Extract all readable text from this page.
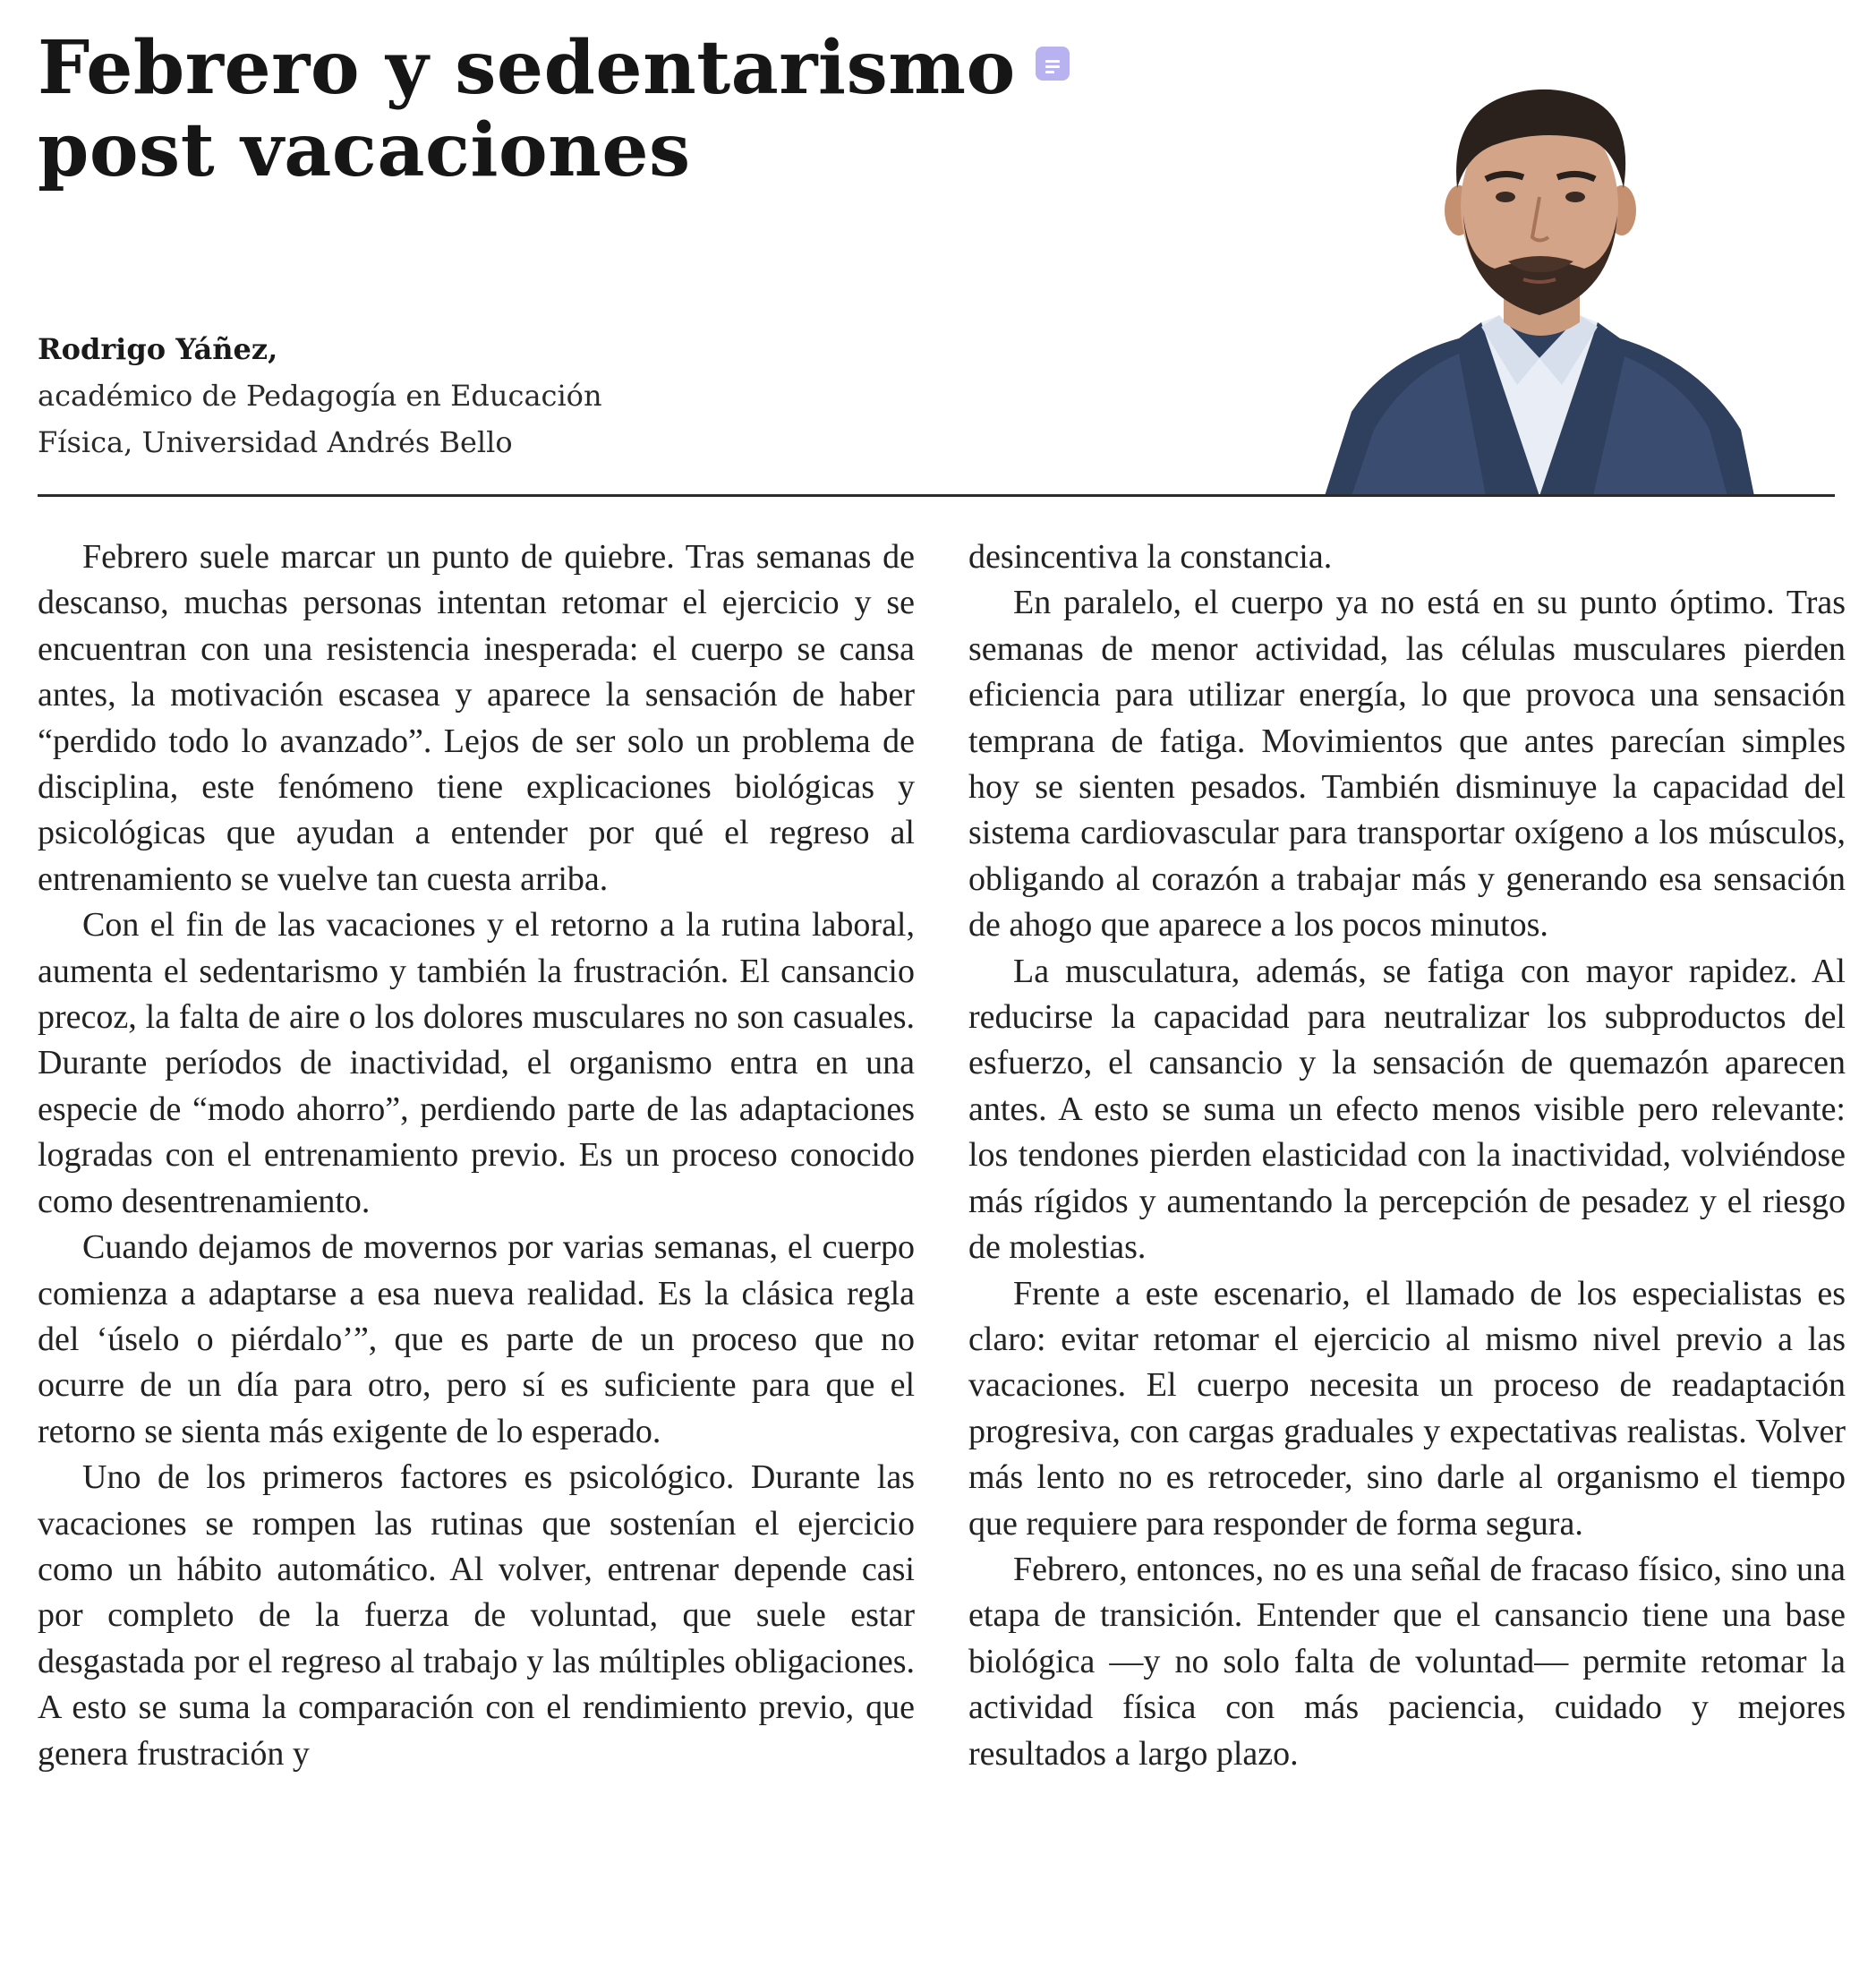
Febrero y sedentarismo
post vacaciones
Rodrigo Yáñez,
académico de Pedagogía en Educación
Física, Universidad Andrés Bello

Febrero suele marcar un punto de quiebre. Tras semanas de descanso, muchas personas intentan retomar el ejercicio y se encuentran con una resistencia inesperada: el cuerpo se cansa antes, la motivación escasea y aparece la sensación de haber “perdido todo lo avanzado”. Lejos de ser solo un problema de disciplina, este fenómeno tiene explicaciones biológicas y psicológicas que ayudan a entender por qué el regreso al entrenamiento se vuelve tan cuesta arriba.

Con el fin de las vacaciones y el retorno a la rutina laboral, aumenta el sedentarismo y también la frustración. El cansancio precoz, la falta de aire o los dolores musculares no son casuales. Durante períodos de inactividad, el organismo entra en una especie de “modo ahorro”, perdiendo parte de las adaptaciones logradas con el entrenamiento previo. Es un proceso conocido como desentrenamiento.

Cuando dejamos de movernos por varias semanas, el cuerpo comienza a adaptarse a esa nueva realidad. Es la clásica regla del ‘úselo o piérdalo’”, que es parte de un proceso que no ocurre de un día para otro, pero sí es suficiente para que el retorno se sienta más exigente de lo esperado.

Uno de los primeros factores es psicológico. Durante las vacaciones se rompen las rutinas que sostenían el ejercicio como un hábito automático. Al volver, entrenar depende casi por completo de la fuerza de voluntad, que suele estar desgastada por el regreso al trabajo y las múltiples obligaciones. A esto se suma la comparación con el rendimiento previo, que genera frustración y

desincentiva la constancia.

En paralelo, el cuerpo ya no está en su punto óptimo. Tras semanas de menor actividad, las células musculares pierden eficiencia para utilizar energía, lo que provoca una sensación temprana de fatiga. Movimientos que antes parecían simples hoy se sienten pesados. También disminuye la capacidad del sistema cardiovascular para transportar oxígeno a los músculos, obligando al corazón a trabajar más y generando esa sensación de ahogo que aparece a los pocos minutos.

La musculatura, además, se fatiga con mayor rapidez. Al reducirse la capacidad para neutralizar los subproductos del esfuerzo, el cansancio y la sensación de quemazón aparecen antes. A esto se suma un efecto menos visible pero relevante: los tendones pierden elasticidad con la inactividad, volviéndose más rígidos y aumentando la percepción de pesadez y el riesgo de molestias.

Frente a este escenario, el llamado de los especialistas es claro: evitar retomar el ejercicio al mismo nivel previo a las vacaciones. El cuerpo necesita un proceso de readaptación progresiva, con cargas graduales y expectativas realistas. Volver más lento no es retroceder, sino darle al organismo el tiempo que requiere para responder de forma segura.

Febrero, entonces, no es una señal de fracaso físico, sino una etapa de transición. Entender que el cansancio tiene una base biológica —y no solo falta de voluntad— permite retomar la actividad física con más paciencia, cuidado y mejores resultados a largo plazo.
